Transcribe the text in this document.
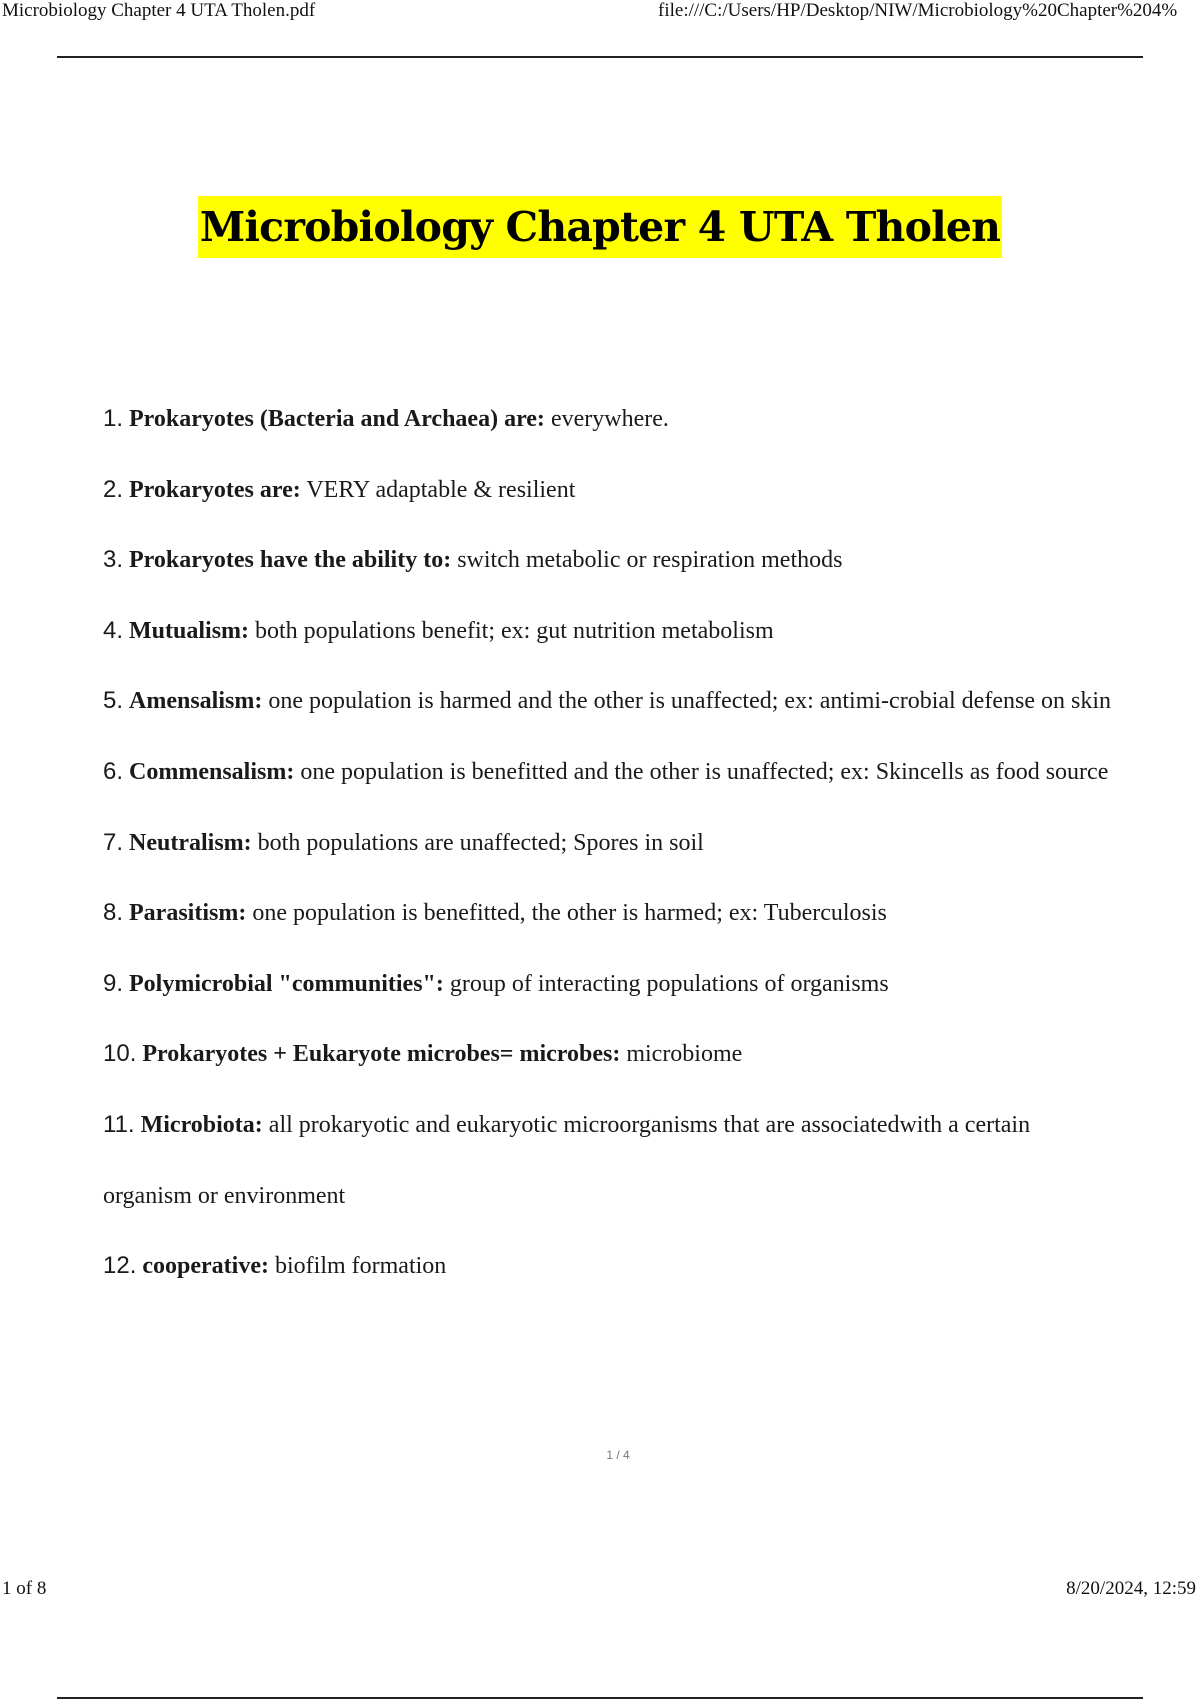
Microbiology Chapter 4 UTA Tholen.pdf	file:///C:/Users/HP/Desktop/NIW/Microbiology%20Chapter%204%
Microbiology Chapter 4 UTA Tholen
1. Prokaryotes (Bacteria and Archaea) are: everywhere.
2. Prokaryotes are: VERY adaptable & resilient
3. Prokaryotes have the ability to: switch metabolic or respiration methods
4. Mutualism: both populations benefit; ex: gut nutrition metabolism
5. Amensalism: one population is harmed and the other is unaffected; ex: antimi-crobial defense on skin
6. Commensalism: one population is benefitted and the other is unaffected; ex: Skincells as food source
7. Neutralism: both populations are unaffected; Spores in soil
8. Parasitism: one population is benefitted, the other is harmed; ex: Tuberculosis
9. Polymicrobial "communities": group of interacting populations of organisms
10. Prokaryotes + Eukaryote microbes= microbes: microbiome
11. Microbiota: all prokaryotic and eukaryotic microorganisms that are associatedwith a certain organism or environment
12. cooperative: biofilm formation
1 / 4
1 of 8	8/20/2024, 12:59
